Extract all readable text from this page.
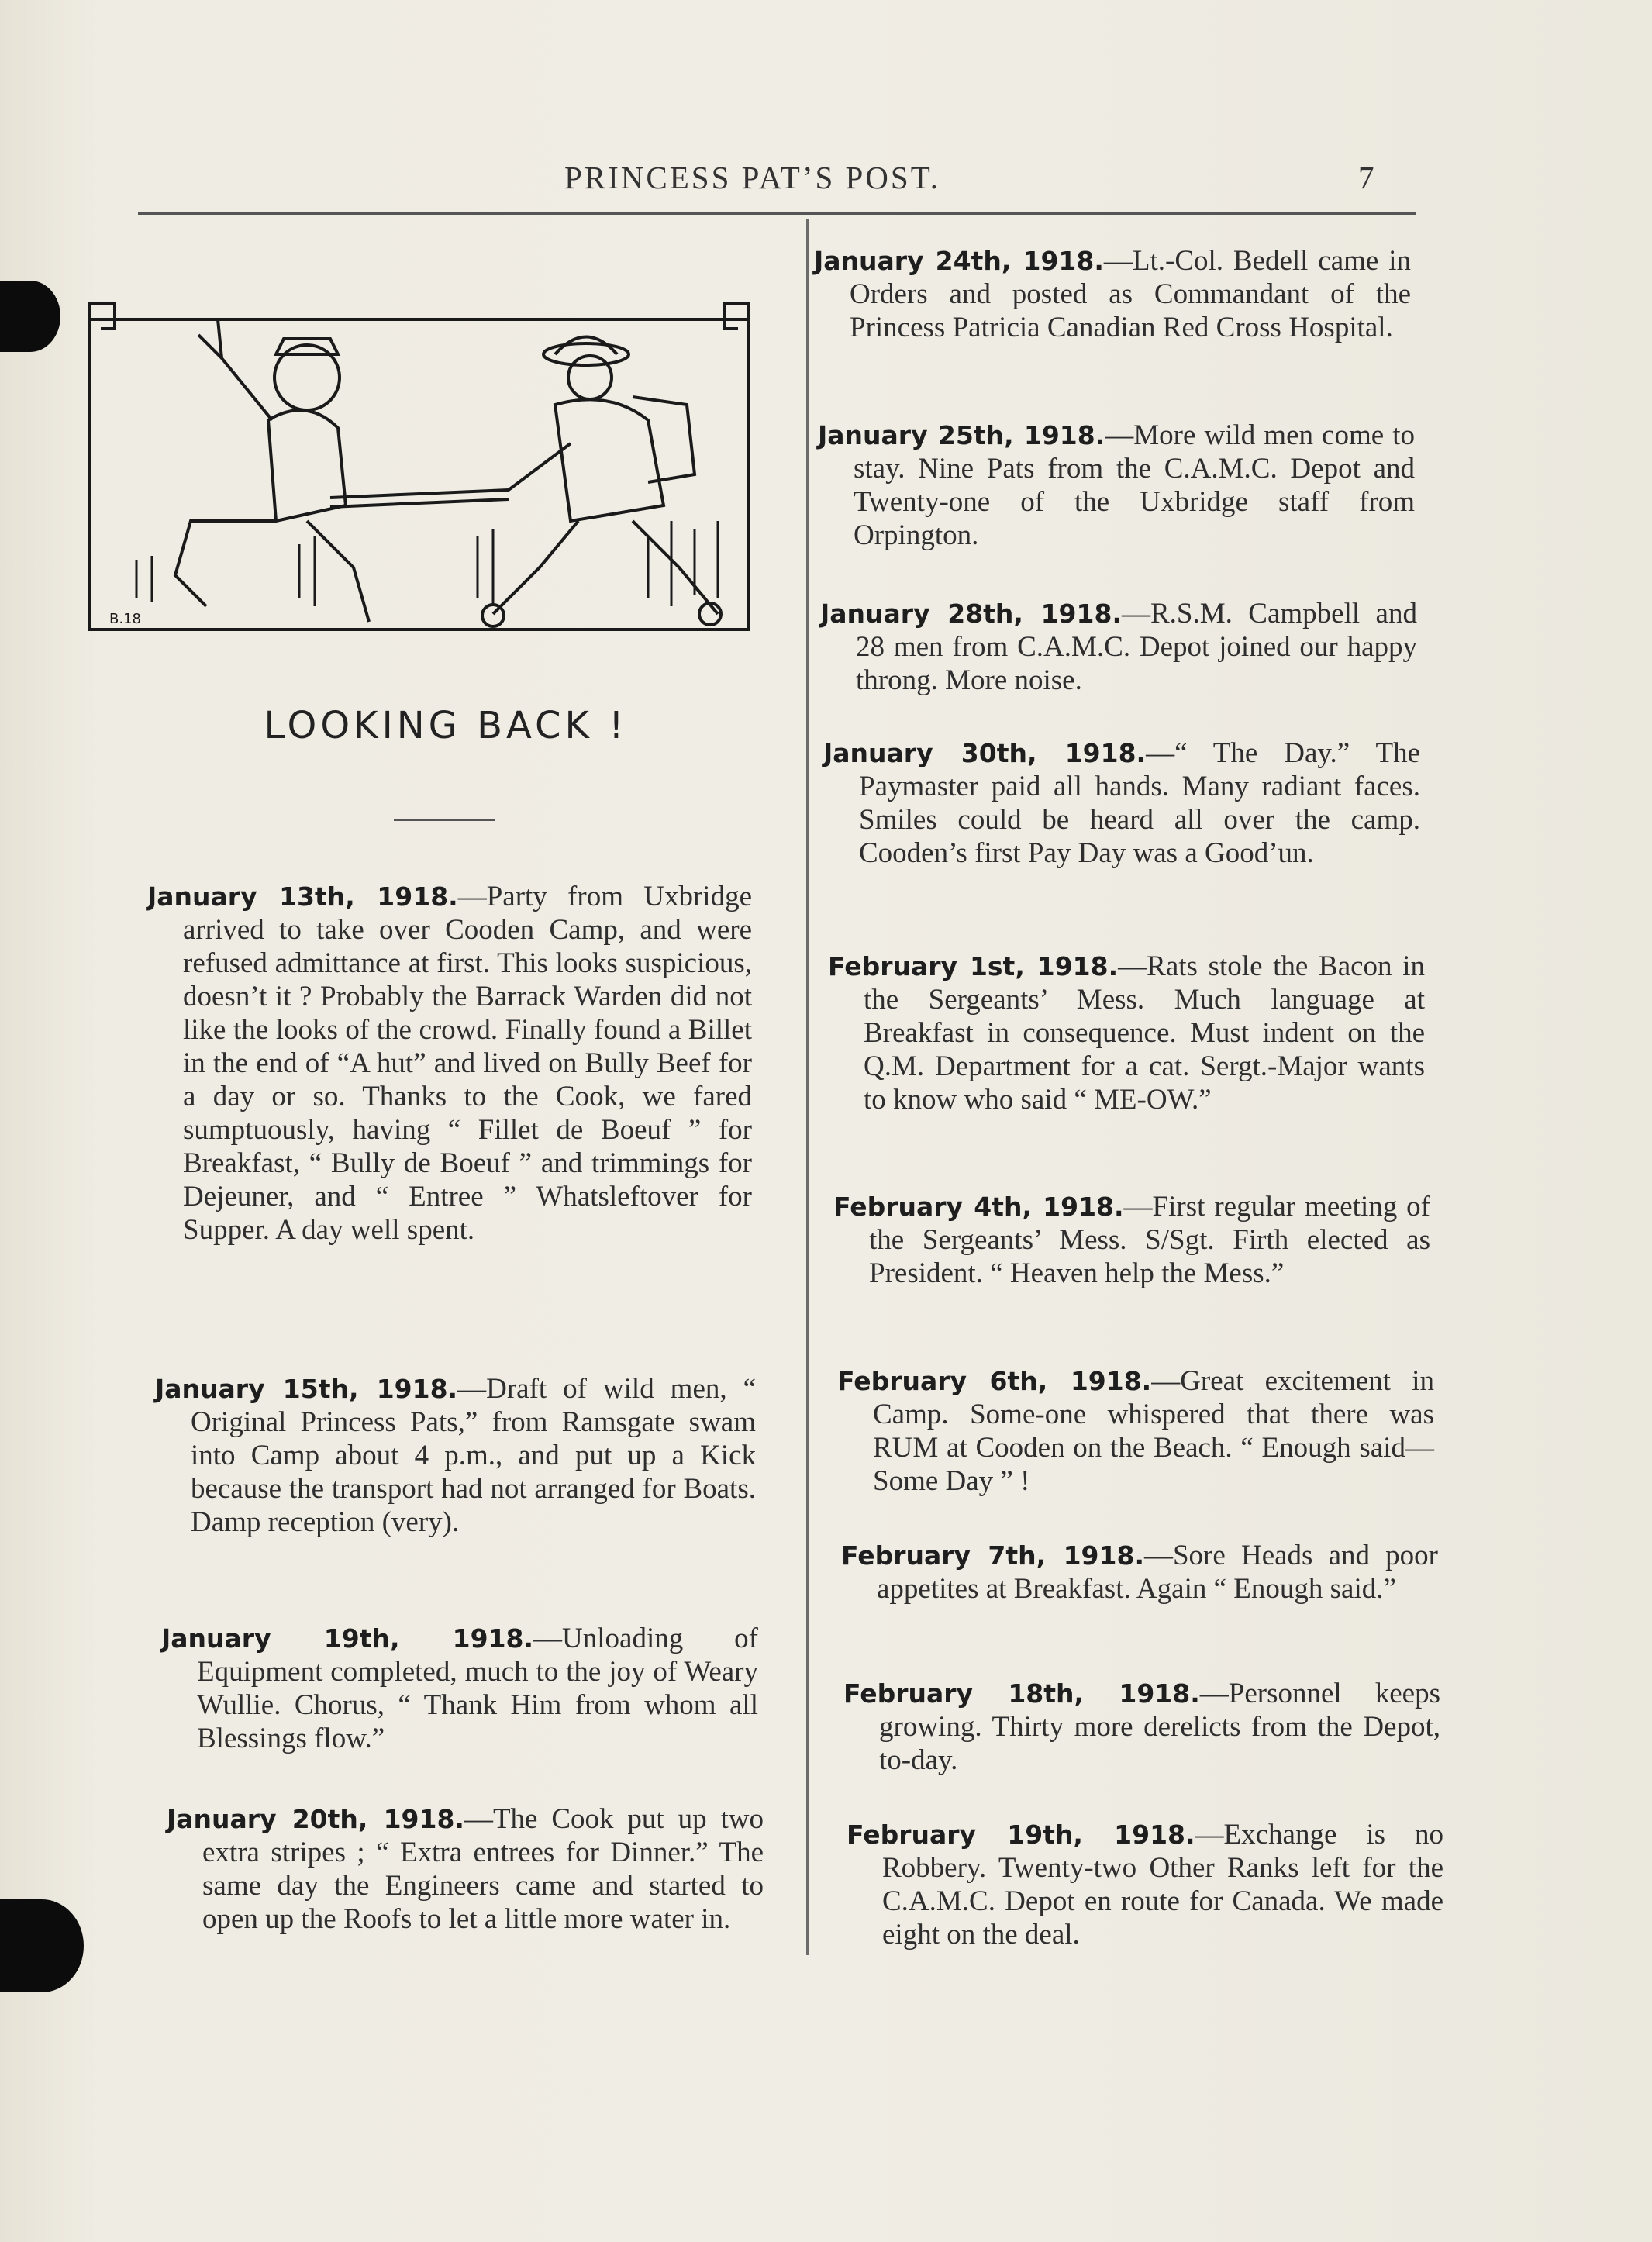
PRINCESS PAT’S POST.	7
B.18
LOOKING BACK !
January 13th, 1918.—Party from Uxbridge arrived to take over Cooden Camp, and were refused admittance at first. This looks suspicious, doesn’t it ? Probably the Barrack Warden did not like the looks of the crowd. Finally found a Billet in the end of “A hut” and lived on Bully Beef for a day or so. Thanks to the Cook, we fared sumptuously, having “ Fillet de Boeuf ” for Breakfast, “ Bully de Boeuf ” and trimmings for Dejeuner, and “ Entree ” Whatsleftover for Supper. A day well spent.
January 15th, 1918.—Draft of wild men, “ Original Princess Pats,” from Ramsgate swam into Camp about 4 p.m., and put up a Kick because the transport had not arranged for Boats. Damp reception (very).
January 19th, 1918.—Unloading of Equipment completed, much to the joy of Weary Wullie. Chorus, “ Thank Him from whom all Blessings flow.”
January 20th, 1918.—The Cook put up two extra stripes ; “ Extra entrees for Dinner.” The same day the Engineers came and started to open up the Roofs to let a little more water in.
January 24th, 1918.—Lt.-Col. Bedell came in Orders and posted as Commandant of the Princess Patricia Canadian Red Cross Hospital.
January 25th, 1918.—More wild men come to stay. Nine Pats from the C.A.M.C. Depot and Twenty-one of the Uxbridge staff from Orpington.
January 28th, 1918.—R.S.M. Campbell and 28 men from C.A.M.C. Depot joined our happy throng. More noise.
January 30th, 1918.—“ The Day.” The Paymaster paid all hands. Many radiant faces. Smiles could be heard all over the camp. Cooden’s first Pay Day was a Good’un.
February 1st, 1918.—Rats stole the Bacon in the Sergeants’ Mess. Much language at Breakfast in consequence. Must indent on the Q.M. Department for a cat. Sergt.-Major wants to know who said “ ME-OW.”
February 4th, 1918.—First regular meeting of the Sergeants’ Mess. S/Sgt. Firth elected as President. “ Heaven help the Mess.”
February 6th, 1918.—Great excitement in Camp. Some-one whispered that there was RUM at Cooden on the Beach. “ Enough said—Some Day ” !
February 7th, 1918.—Sore Heads and poor appetites at Breakfast. Again “ Enough said.”
February 18th, 1918.—Personnel keeps growing. Thirty more derelicts from the Depot, to-day.
February 19th, 1918.—Exchange is no Robbery. Twenty-two Other Ranks left for the C.A.M.C. Depot en route for Canada. We made eight on the deal.
